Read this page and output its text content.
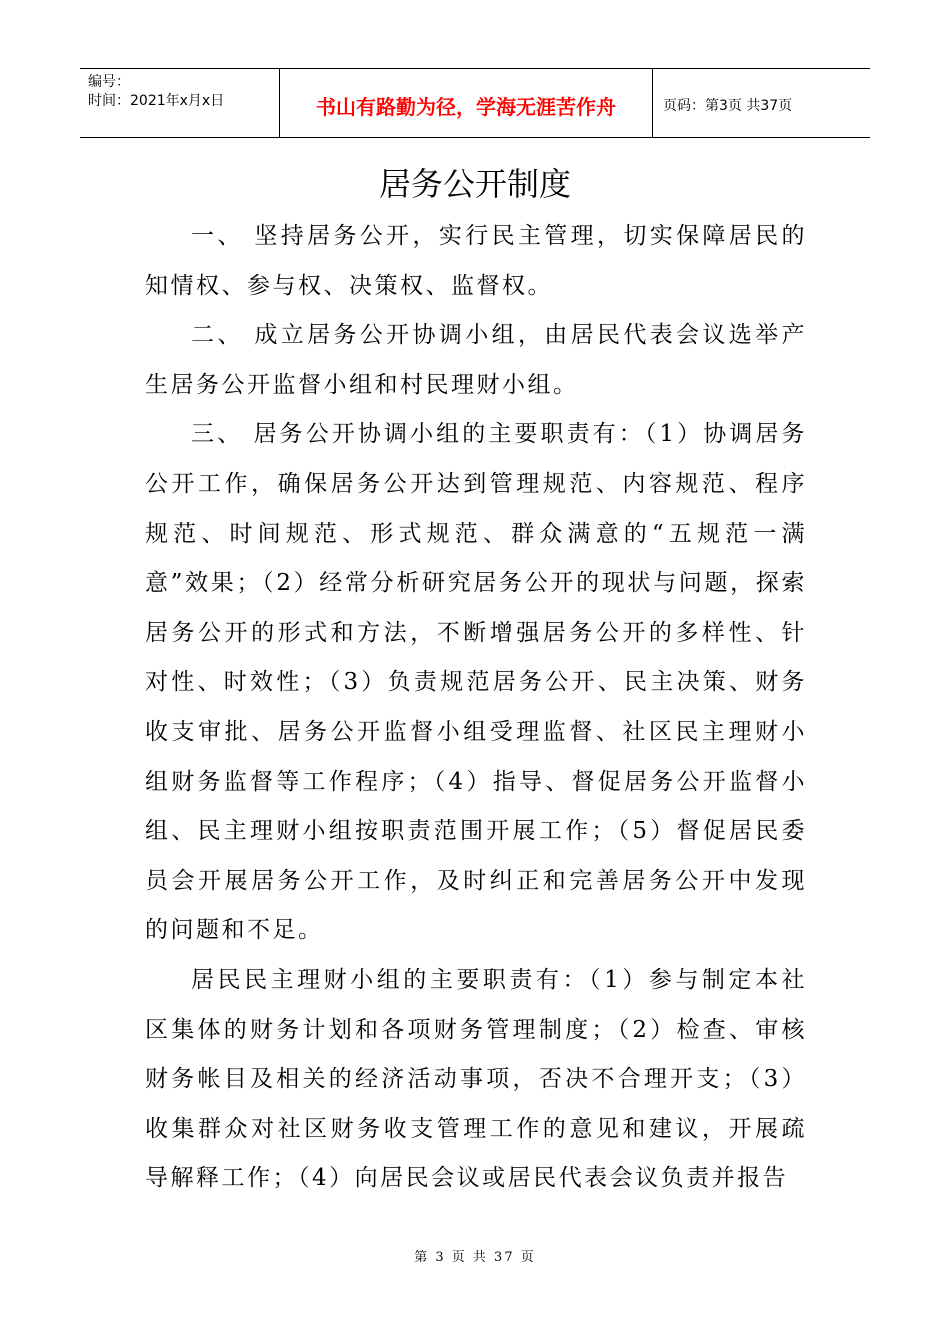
编号：
时间：2021年x月x日	书山有路勤为径，学海无涯苦作舟	页码：第3页 共37页
居务公开制度

一、 坚持居务公开，实行民主管理，切实保障居民的知情权、参与权、决策权、监督权。

二、 成立居务公开协调小组，由居民代表会议选举产生居务公开监督小组和村民理财小组。

三、 居务公开协调小组的主要职责有：（1）协调居务公开工作，确保居务公开达到管理规范、内容规范、程序规范、时间规范、形式规范、群众满意的“五规范一满意”效果；（2）经常分析研究居务公开的现状与问题，探索居务公开的形式和方法，不断增强居务公开的多样性、针对性、时效性；（3）负责规范居务公开、民主决策、财务收支审批、居务公开监督小组受理监督、社区民主理财小组财务监督等工作程序；（4）指导、督促居务公开监督小组、民主理财小组按职责范围开展工作；（5）督促居民委员会开展居务公开工作，及时纠正和完善居务公开中发现的问题和不足。

居民民主理财小组的主要职责有：（1）参与制定本社区集体的财务计划和各项财务管理制度；（2）检查、审核财务帐目及相关的经济活动事项，否决不合理开支；（3）收集群众对社区财务收支管理工作的意见和建议，开展疏导解释工作；（4）向居民会议或居民代表会议负责并报告

第 3 页 共 37 页
